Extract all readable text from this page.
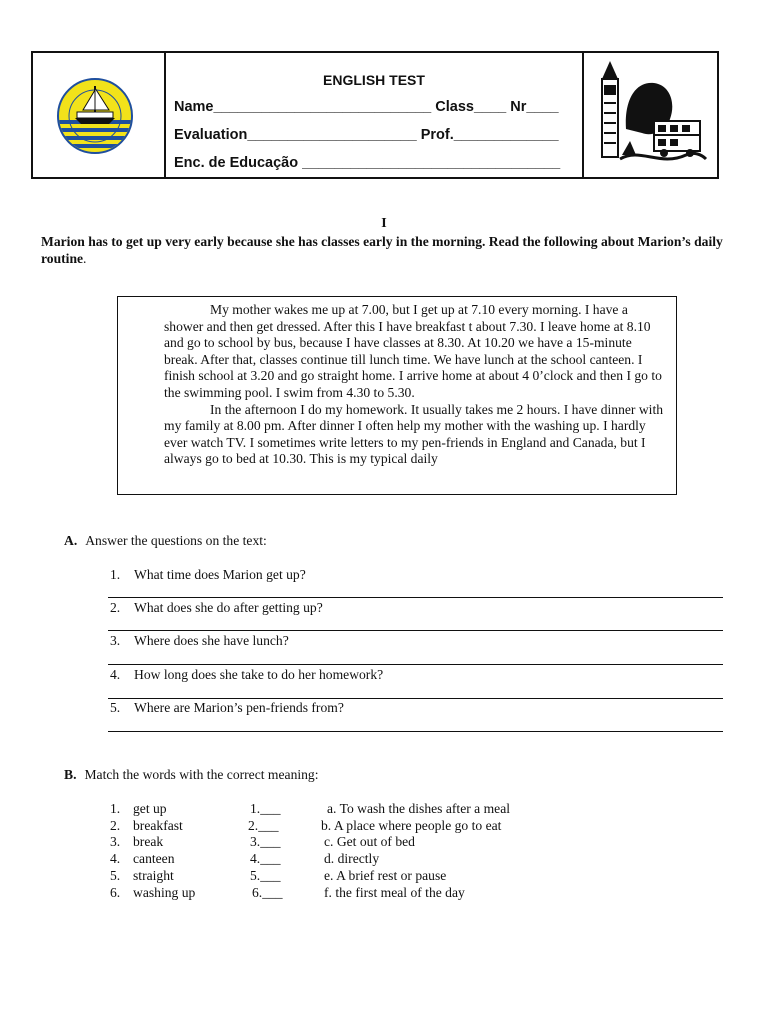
ENGLISH TEST
Name___________________________ Class____ Nr____
Evaluation_____________________ Prof._____________
Enc. de Educação ________________________________
I
Marion has to get up very early because she has classes early in the morning. Read the following about Marion’s daily routine.

My mother wakes me up at 7.00, but I get up at 7.10 every morning. I have a shower and then get dressed. After this I have breakfast t about 7.30. I leave home at 8.10 and go to school by bus, because I have classes at 8.30. At 10.20 we have a 15-minute break. After that, classes continue till lunch time. We have lunch at the school canteen. I finish school at 3.20 and go straight home. I arrive home at about 4 0’clock and then I go to the swimming pool. I swim from 4.30 to 5.30.

In the afternoon I do my homework. It usually takes me 2 hours. I have dinner with my family at 8.00 pm. After dinner I often help my mother with the washing up. I hardly ever watch TV. I sometimes write letters to my pen-friends in England and Canada, but I always go to bed at 10.30. This is my typical daily

A. Answer the questions on the text:
1. What time does Marion get up?
2. What does she do after getting up?
3. Where does she have lunch?
4. How long does she take to do her homework?
5. Where are Marion’s pen-friends from?
B. Match the words with the correct meaning:
1. get up	1.___	a. To wash the dishes after a meal
2. breakfast	2.___	b. A place where people go to eat
3. break	3.___	c. Get out of bed
4. canteen	4.___	d. directly
5. straight	5.___	e. A brief rest or pause
6. washing up	6.___	f. the first meal of the day
